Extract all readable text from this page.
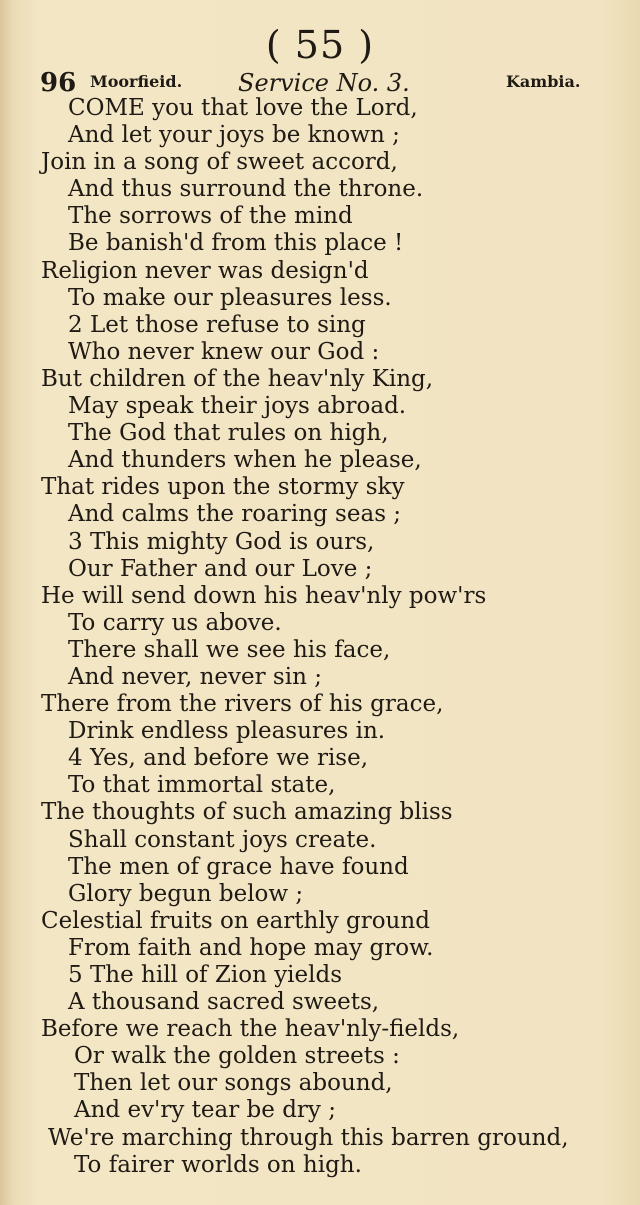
( 55 )
96 Moorfieid. Service No. 3.	Kambia.
COME you that love the Lord,
And let your joys be known ;
Join in a song of sweet accord,
And thus surround the throne.
The sorrows of the mind
Be banish'd from this place !
Religion never was design'd
To make our pleasures less.
2 Let those refuse to sing
Who never knew our God :
But children of the heav'nly King,
May speak their joys abroad.
The God that rules on high,
And thunders when he please,
That rides upon the stormy sky
And calms the roaring seas ;
3 This mighty God is ours,
Our Father and our Love ;
He will send down his heav'nly pow'rs
To carry us above.
There shall we see his face,
And never, never sin ;
There from the rivers of his grace,
Drink endless pleasures in.
4 Yes, and before we rise,
To that immortal state,
The thoughts of such amazing bliss
Shall constant joys create.
The men of grace have found
Glory begun below ;
Celestial fruits on earthly ground
From faith and hope may grow.
5 The hill of Zion yields
A thousand sacred sweets,
Before we reach the heav'nly-fields,
Or walk the golden streets :
Then let our songs abound,
And ev'ry tear be dry ;
We're marching through this barren ground,
To fairer worlds on high.
